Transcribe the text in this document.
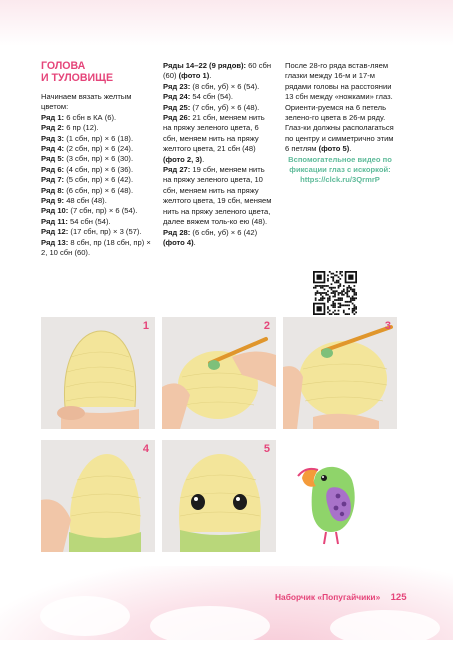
ГОЛОВА
И ТУЛОВИЩЕ

Начинаем вязать желтым цветом:

Ряд 1: 6 сбн в КА (6).

Ряд 2: 6 пр (12).

Ряд 3: (1 сбн, пр) × 6 (18).

Ряд 4: (2 сбн, пр) × 6 (24).

Ряд 5: (3 сбн, пр) × 6 (30).

Ряд 6: (4 сбн, пр) × 6 (36).

Ряд 7: (5 сбн, пр) × 6 (42).

Ряд 8: (6 сбн, пр) × 6 (48).

Ряд 9: 48 сбн (48).

Ряд 10: (7 сбн, пр) × 6 (54).

Ряд 11: 54 сбн (54).

Ряд 12: (17 сбн, пр) × 3 (57).

Ряд 13: 8 сбн, пр (18 сбн, пр) × 2, 10 сбн (60).

Ряды 14–22 (9 рядов): 60 сбн (60) (фото 1).

Ряд 23: (8 сбн, уб) × 6 (54).

Ряд 24: 54 сбн (54).

Ряд 25: (7 сбн, уб) × 6 (48).

Ряд 26: 21 сбн, меняем нить на пряжу зеленого цвета, 6 сбн, меняем нить на пряжу желтого цвета, 21 сбн (48) (фото 2, 3).

Ряд 27: 19 сбн, меняем нить на пряжу зеленого цвета, 10 сбн, меняем нить на пряжу желтого цвета, 19 сбн, меняем нить на пряжу зеленого цвета, далее вяжем толь-ко ею (48).

Ряд 28: (6 сбн, уб) × 6 (42) (фото 4).

После 28-го ряда встав-ляем глазки между 16-м и 17-м рядами головы на расстоянии 13 сбн между «ножками» глаз. Ориенти-руемся на 6 петель зелено-го цвета в 26-м ряду. Глаз-ки должны располагаться по центру и симметрично этим 6 петлям (фото 5).

Вспомогательное видео по фиксации глаз с искоркой: https://clck.ru/3QrmrP

1	2	3
4	5
Наборчик «Попугайчики» 125
